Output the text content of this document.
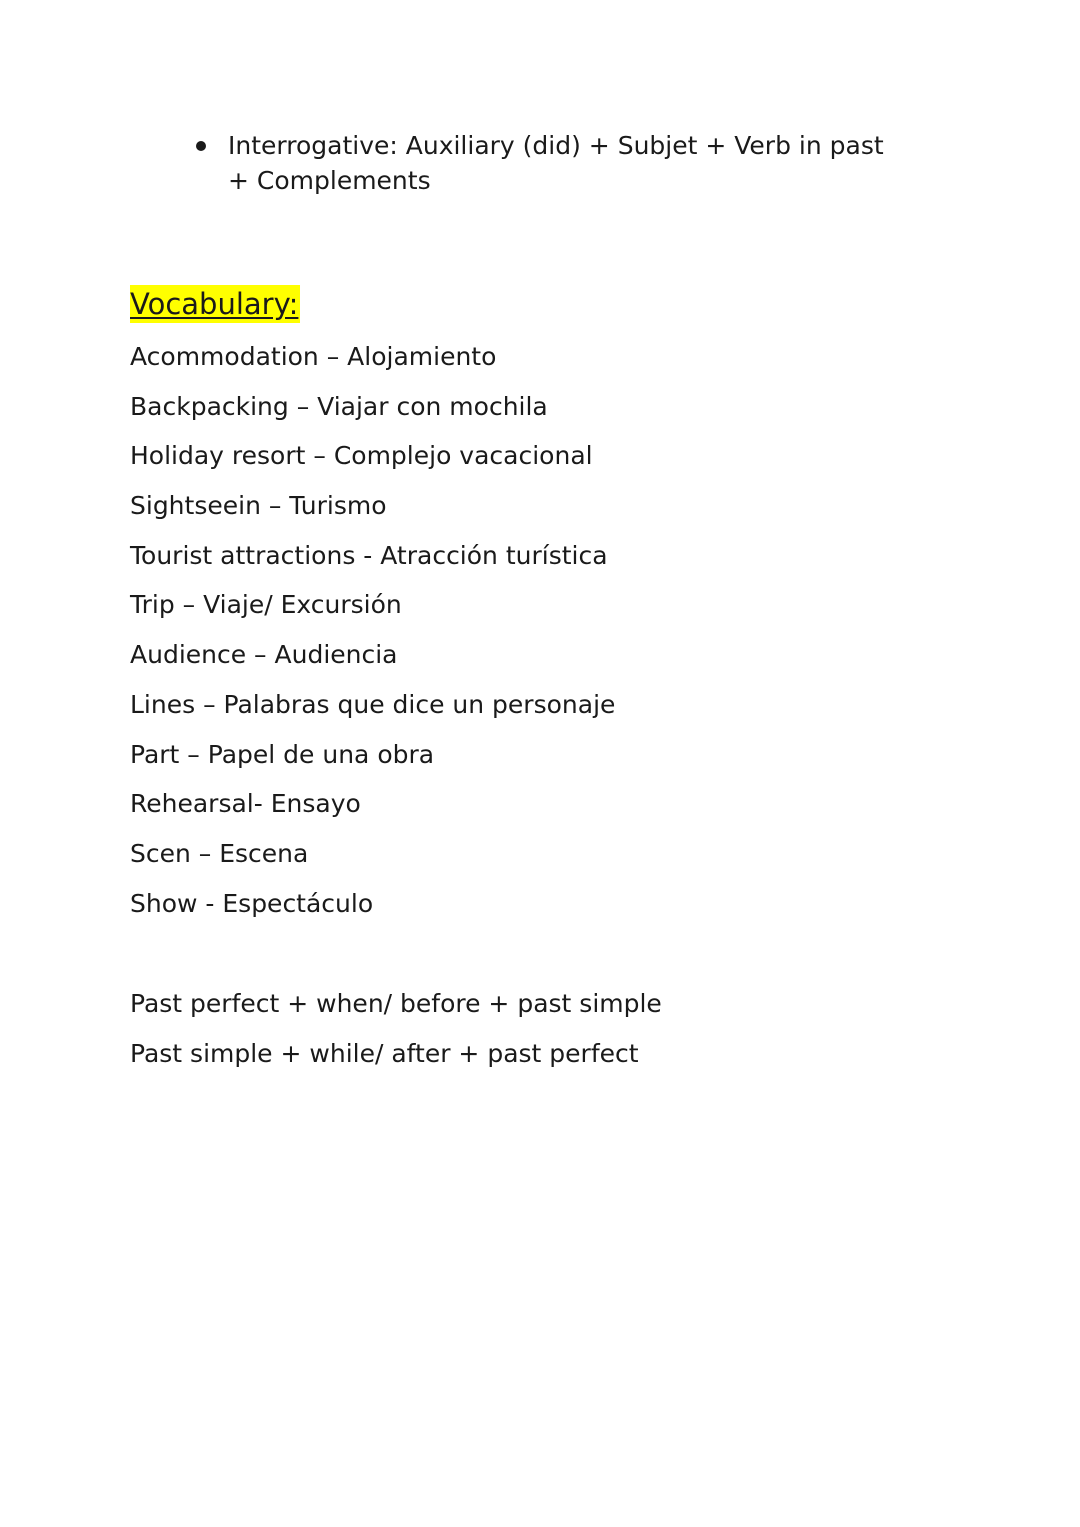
Interrogative: Auxiliary (did) + Subjet + Verb in past + Complements
Vocabulary:
Acommodation – Alojamiento
Backpacking – Viajar con mochila
Holiday resort – Complejo vacacional
Sightseein – Turismo
Tourist attractions - Atracción turística
Trip – Viaje/ Excursión
Audience – Audiencia
Lines – Palabras que dice un personaje
Part – Papel de una obra
Rehearsal- Ensayo
Scen – Escena
Show - Espectáculo
Past perfect + when/ before + past simple
Past simple + while/ after + past perfect
